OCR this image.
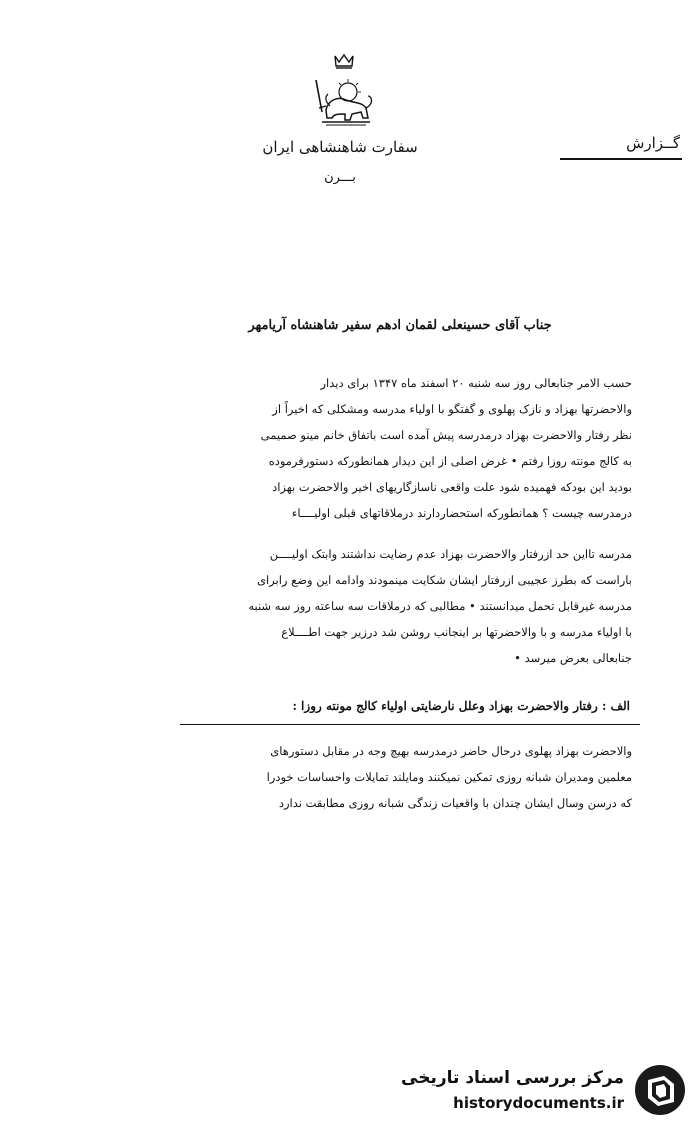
سفارت شاهنشاهی ایران
بـــرن
گــزارش
جناب آقای حسینعلی لقمان ادهم سفیر شاهنشاه آریامهر
حسب الامر جنابعالی روز سه شنبه ۲۰ اسفند ماه ۱۳۴۷ برای دیدار
والاحضرتها بهزاد و نازک پهلوی و گفتگو با اولیاء مدرسه ومشکلی که اخیراً از
نظر رفتار والاحضرت بهزاد درمدرسه پیش آمده است باتفاق خانم مینو صمیمی
به کالج مونته روزا رفتم • غرض اصلی از این دیدار همانطورکه دستورفرموده
بودید این بودکه فهمیده شود علت واقعی ناسازگاریهای اخیر والاحضرت بهزاد
درمدرسه چیست ؟ همانطورکه استحضاردارند درملاقاتهای قبلی اولیــــاء
مدرسه تااین حد ازرفتار والاحضرت بهزاد عدم رضایت نداشتند وابتک اولیــــن
باراست که بطرز عجیبی ازرفتار ایشان شکایت مینمودند وادامه این وضع رابرای
مدرسه غیرقابل تحمل میدانستند • مطالبی که درملاقات سه ساعته روز سه شنبه
با اولیاء مدرسه و با والاحضرتها بر اینجانب روشن شد درزیر جهت اطــــلاع
جنابعالی بعرض میرسد •
الف : رفتار والاحضرت بهزاد وعلل نارضایتی اولیاء کالج مونته روزا :
والاحضرت بهزاد پهلوی درحال حاضر درمدرسه بهیچ وجه در مقابل دستورهای
معلمین ومدیران شبانه روزی تمکین نمیکنند ومایلند تمایلات واحساسات خودرا
که درسن وسال ایشان چندان با واقعیات زندگی شبانه روزی مطابقت ندارد
مرکز بررسی اسناد تاریخی
historydocuments.ir
